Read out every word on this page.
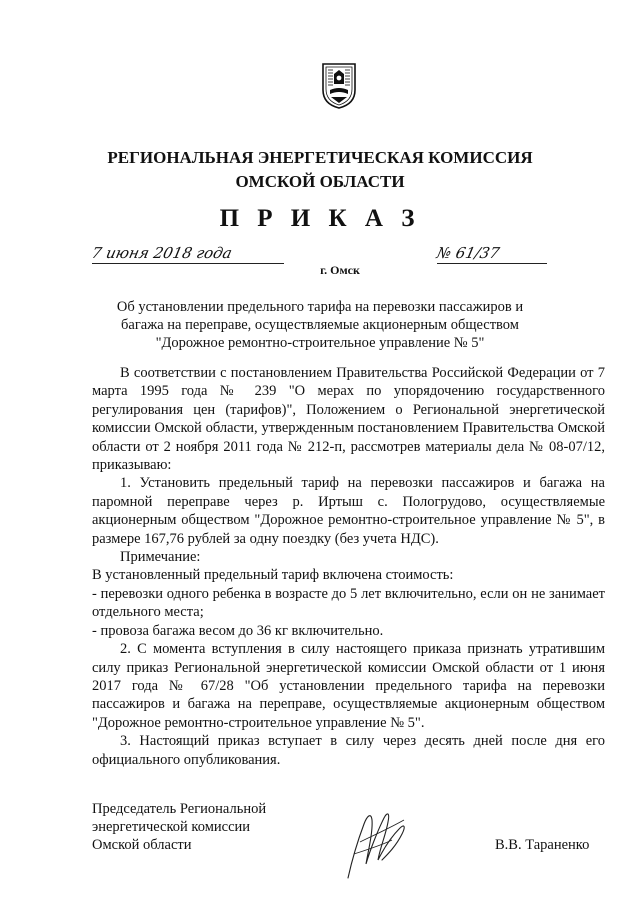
РЕГИОНАЛЬНАЯ ЭНЕРГЕТИЧЕСКАЯ КОМИССИЯ
ОМСКОЙ ОБЛАСТИ
П Р И К А З
7 июня 2018 года	№ 61/37
г. Омск
Об установлении предельного тарифа на перевозки пассажиров и
багажа на переправе, осуществляемые акционерным обществом
"Дорожное ремонтно-строительное управление № 5"

В соответствии с постановлением Правительства Российской Федерации от 7 марта 1995 года № 239 "О мерах по упорядочению государственного регулирования цен (тарифов)", Положением о Региональной энергетической комиссии Омской области, утвержденным постановлением Правительства Омской области от 2 ноября 2011 года № 212-п, рассмотрев материалы дела № 08-07/12, приказываю:

1. Установить предельный тариф на перевозки пассажиров и багажа на паромной переправе через р. Иртыш с. Пологрудово, осуществляемые акционерным обществом "Дорожное ремонтно-строительное управление № 5", в размере 167,76 рублей за одну поездку (без учета НДС).

Примечание:

В установленный предельный тариф включена стоимость:

- перевозки одного ребенка в возрасте до 5 лет включительно, если он не занимает отдельного места;

- провоза багажа весом до 36 кг включительно.

2. С момента вступления в силу настоящего приказа признать утратившим силу приказ Региональной энергетической комиссии Омской области от 1 июня 2017 года № 67/28 "Об установлении предельного тарифа на перевозки пассажиров и багажа на переправе, осуществляемые акционерным обществом "Дорожное ремонтно-строительное управление № 5".

3. Настоящий приказ вступает в силу через десять дней после дня его официального опубликования.

Председатель Региональной
энергетической комиссии
Омской области	В.В. Тараненко
